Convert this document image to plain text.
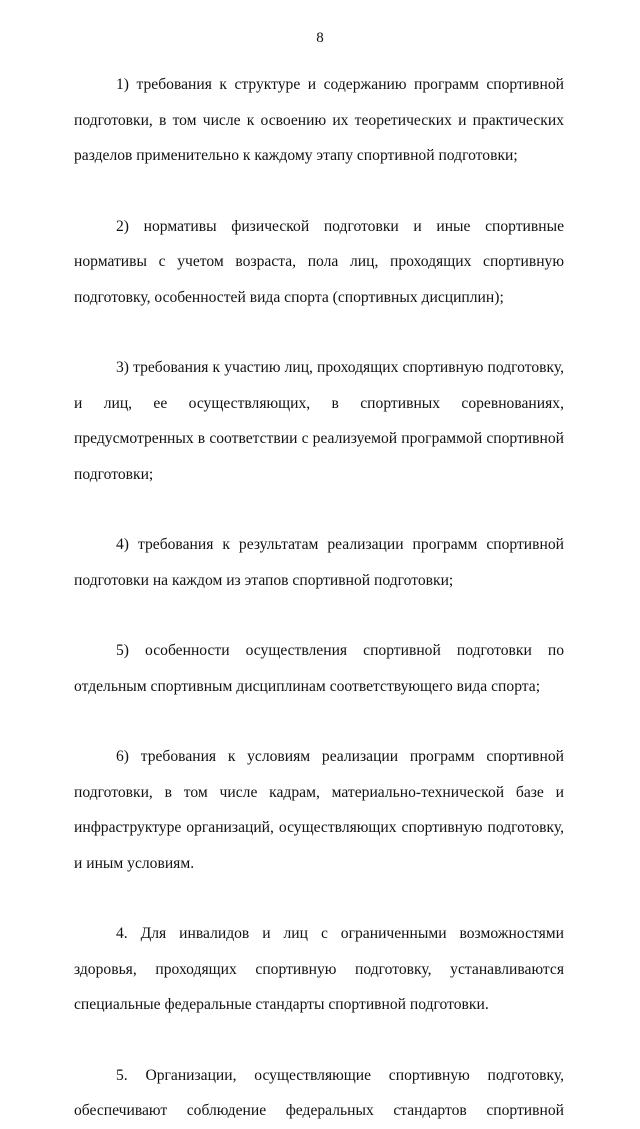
8

1) требования к структуре и содержанию программ спортивной подготовки, в том числе к освоению их теоретических и практических разделов применительно к каждому этапу спортивной подготовки;

2) нормативы физической подготовки и иные спортивные нормативы с учетом возраста, пола лиц, проходящих спортивную подготовку, особенностей вида спорта (спортивных дисциплин);

3) требования к участию лиц, проходящих спортивную подготовку, и лиц, ее осуществляющих, в спортивных соревнованиях, предусмотренных в соответствии с реализуемой программой спортивной подготовки;

4) требования к результатам реализации программ спортивной подготовки на каждом из этапов спортивной подготовки;

5) особенности осуществления спортивной подготовки по отдельным спортивным дисциплинам соответствующего вида спорта;

6) требования к условиям реализации программ спортивной подготовки, в том числе кадрам, материально-технической базе и инфраструктуре организаций, осуществляющих спортивную подготовку, и иным условиям.

4. Для инвалидов и лиц с ограниченными возможностями здоровья, проходящих спортивную подготовку, устанавливаются специальные федеральные стандарты спортивной подготовки.

5. Организации, осуществляющие спортивную подготовку, обеспечивают соблюдение федеральных стандартов спортивной
